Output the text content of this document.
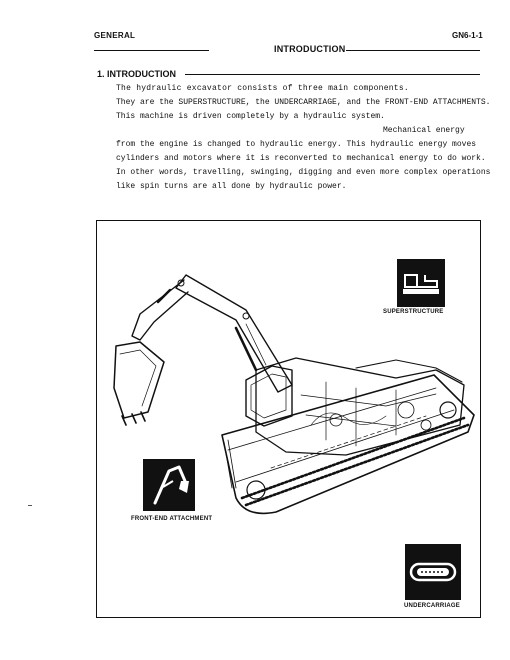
GENERAL	GN6-1-1
INTRODUCTION
1. INTRODUCTION
The hydraulic excavator consists of three main components.
They are the SUPERSTRUCTURE, the UNDERCARRIAGE, and the FRONT-END ATTACHMENTS.
This machine is driven completely by a hydraulic system.
Mechanical energy
from the engine is changed to hydraulic energy. This hydraulic energy moves
cylinders and motors where it is reconverted to mechanical energy to do work.
In other words, travelling, swinging, digging and even more complex operations
like spin turns are all done by hydraulic power.
SUPERSTRUCTURE
FRONT-END ATTACHMENT
UNDERCARRIAGE
